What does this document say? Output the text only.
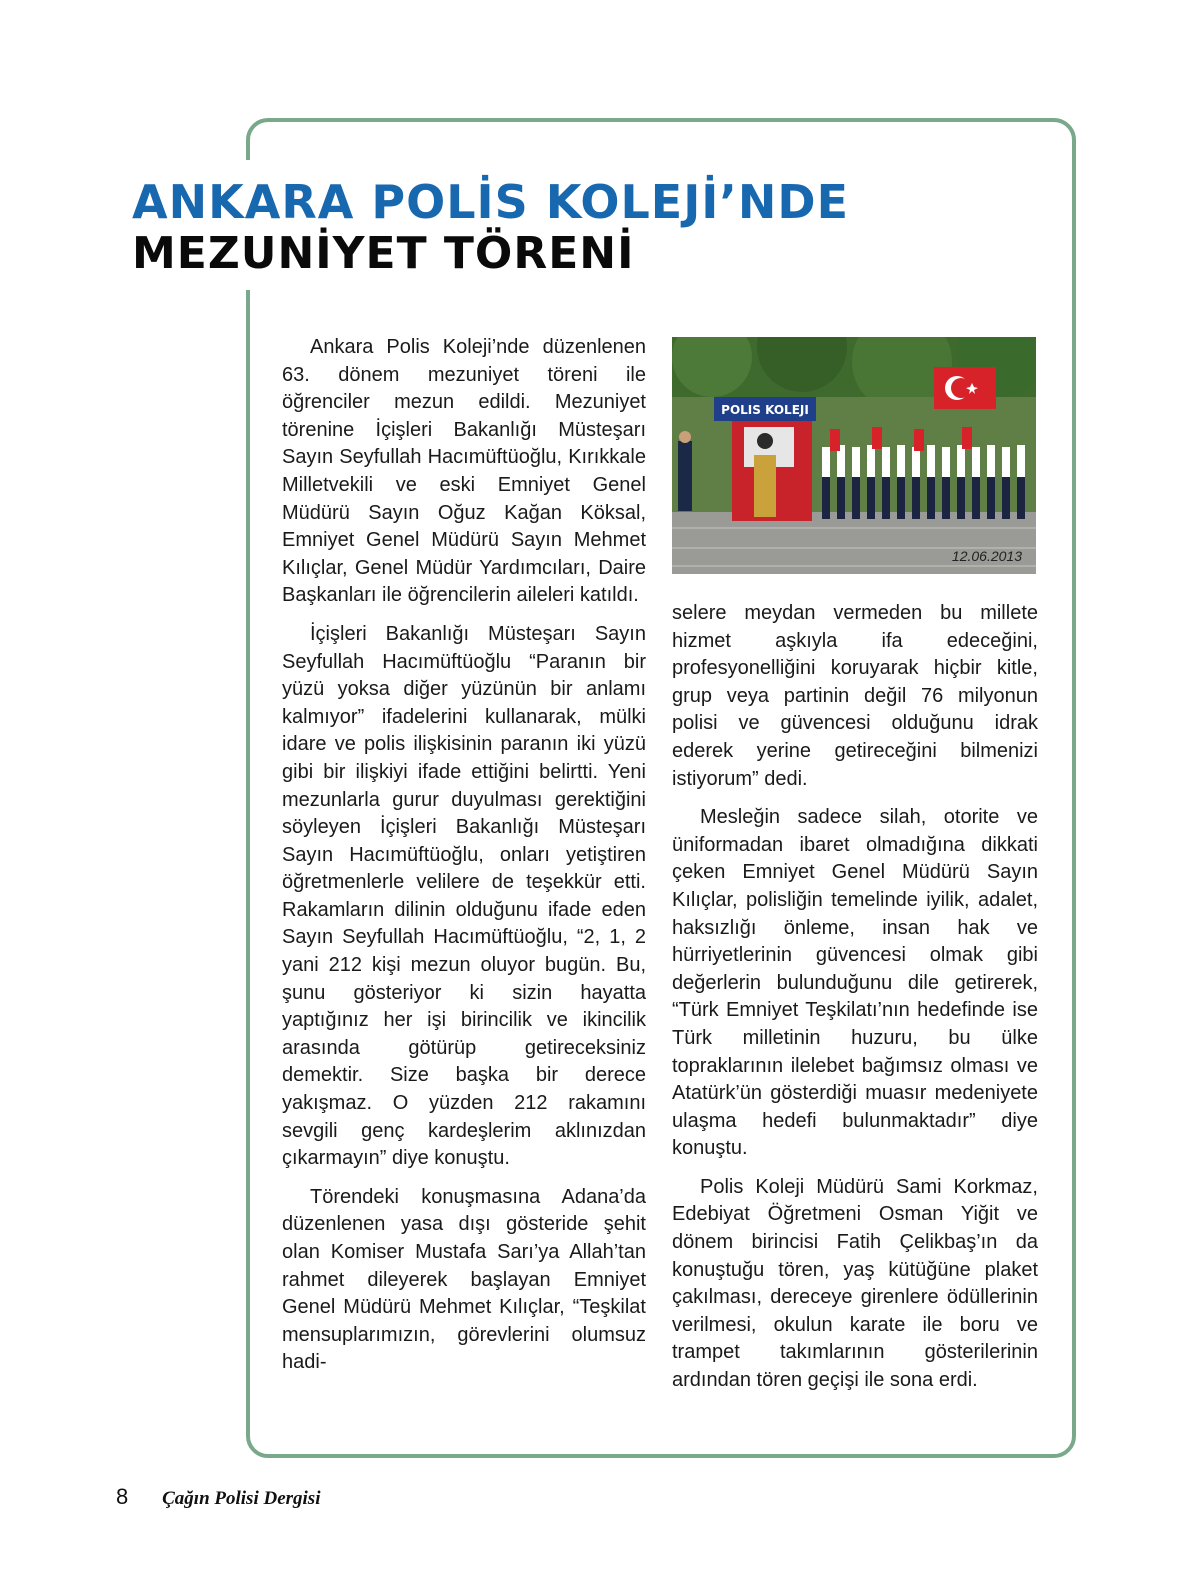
ANKARA POLİS KOLEJİ’NDE
MEZUNİYET TÖRENİ

Ankara Polis Koleji’nde düzenlenen 63. dönem mezuniyet töreni ile öğrenciler mezun edildi. Mezuniyet törenine İçişleri Bakanlığı Müsteşarı Sayın Seyfullah Hacımüftüoğlu, Kırıkkale Milletvekili ve eski Emniyet Genel Müdürü Sayın Oğuz Kağan Köksal, Emniyet Genel Müdürü Sayın Mehmet Kılıçlar, Genel Müdür Yardımcıları, Daire Başkanları ile öğrencilerin aileleri katıldı.

İçişleri Bakanlığı Müsteşarı Sayın Seyfullah Hacımüftüoğlu “Paranın bir yüzü yoksa diğer yüzünün bir anlamı kalmıyor” ifadelerini kullanarak, mülki idare ve polis ilişkisinin paranın iki yüzü gibi bir ilişkiyi ifade ettiğini belirtti. Yeni mezunlarla gurur duyulması gerektiğini söyleyen İçişleri Bakanlığı Müsteşarı Sayın Hacımüftüoğlu, onları yetiştiren öğretmenlerle velilere de teşekkür etti. Rakamların dilinin olduğunu ifade eden Sayın Seyfullah Hacımüftüoğlu, “2, 1, 2 yani 212 kişi mezun oluyor bugün. Bu, şunu gösteriyor ki sizin hayatta yaptığınız her işi birincilik ve ikincilik arasında götürüp getireceksiniz demektir. Size başka bir derece yakışmaz. O yüzden 212 rakamını sevgili genç kardeşlerim aklınızdan çıkarmayın” diye konuştu.

Törendeki konuşmasına Adana’da düzenlenen yasa dışı gösteride şehit olan Komiser Mustafa Sarı’ya Allah’tan rahmet dileyerek başlayan Emniyet Genel Müdürü Mehmet Kılıçlar, “Teşkilat mensuplarımızın, görevlerini olumsuz hadi-

POLIS KOLEJI
12.06.2013

selere meydan vermeden bu millete hizmet aşkıyla ifa edeceğini, profesyonelliğini koruyarak hiçbir kitle, grup veya partinin değil 76 milyonun polisi ve güvencesi olduğunu idrak ederek yerine getireceğini bilmenizi istiyorum” dedi.

Mesleğin sadece silah, otorite ve üniformadan ibaret olmadığına dikkati çeken Emniyet Genel Müdürü Sayın Kılıçlar, polisliğin temelinde iyilik, adalet, haksızlığı önleme, insan hak ve hürriyetlerinin güvencesi olmak gibi değerlerin bulunduğunu dile getirerek, “Türk Emniyet Teşkilatı’nın hedefinde ise Türk milletinin huzuru, bu ülke topraklarının ilelebet bağımsız olması ve Atatürk’ün gösterdiği muasır medeniyete ulaşma hedefi bulunmaktadır” diye konuştu.

Polis Koleji Müdürü Sami Korkmaz, Edebiyat Öğretmeni Osman Yiğit ve dönem birincisi Fatih Çelikbaş’ın da konuştuğu tören, yaş kütüğüne plaket çakılması, dereceye girenlere ödüllerinin verilmesi, okulun karate ile boru ve trampet takımlarının gösterilerinin ardından tören geçişi ile sona erdi.

8 Çağın Polisi Dergisi
